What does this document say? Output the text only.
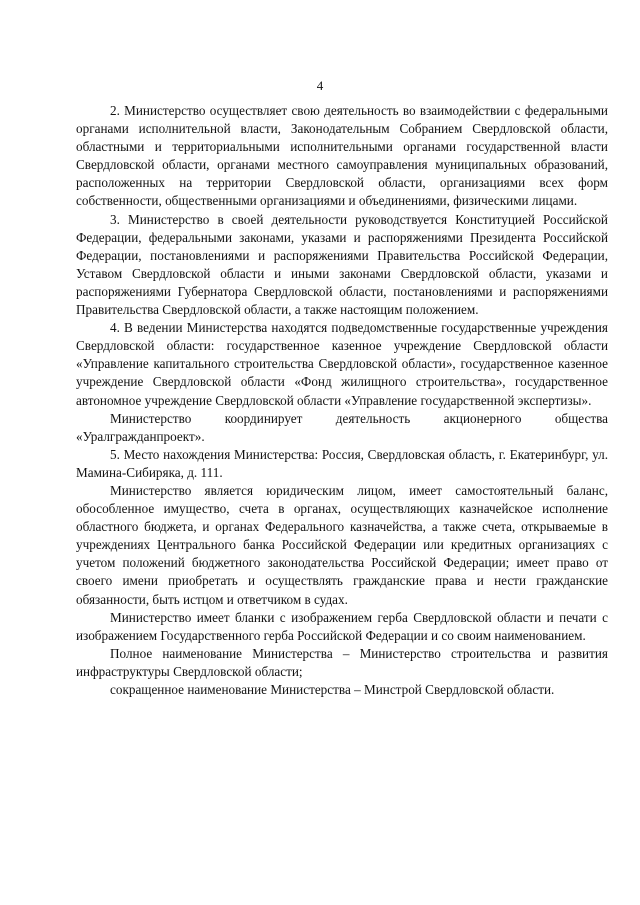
4

2. Министерство осуществляет свою деятельность во взаимодействии с федеральными органами исполнительной власти, Законодательным Собранием Свердловской области, областными и территориальными исполнительными органами государственной власти Свердловской области, органами местного самоуправления муниципальных образований, расположенных на территории Свердловской области, организациями всех форм собственности, общественными организациями и объединениями, физическими лицами.

3. Министерство в своей деятельности руководствуется Конституцией Российской Федерации, федеральными законами, указами и распоряжениями Президента Российской Федерации, постановлениями и распоряжениями Правительства Российской Федерации, Уставом Свердловской области и иными законами Свердловской области, указами и распоряжениями Губернатора Свердловской области, постановлениями и распоряжениями Правительства Свердловской области, а также настоящим положением.

4. В ведении Министерства находятся подведомственные государственные учреждения Свердловской области: государственное казенное учреждение Свердловской области «Управление капитального строительства Свердловской области», государственное казенное учреждение Свердловской области «Фонд жилищного строительства», государственное автономное учреждение Свердловской области «Управление государственной экспертизы».

Министерство координирует деятельность акционерного общества «Уралгражданпроект».

5. Место нахождения Министерства: Россия, Свердловская область, г. Екатеринбург, ул. Мамина-Сибиряка, д. 111.

Министерство является юридическим лицом, имеет самостоятельный баланс, обособленное имущество, счета в органах, осуществляющих казначейское исполнение областного бюджета, и органах Федерального казначейства, а также счета, открываемые в учреждениях Центрального банка Российской Федерации или кредитных организациях с учетом положений бюджетного законодательства Российской Федерации; имеет право от своего имени приобретать и осуществлять гражданские права и нести гражданские обязанности, быть истцом и ответчиком в судах.

Министерство имеет бланки с изображением герба Свердловской области и печати с изображением Государственного герба Российской Федерации и со своим наименованием.

Полное наименование Министерства – Министерство строительства и развития инфраструктуры Свердловской области;

сокращенное наименование Министерства – Минстрой Свердловской области.
